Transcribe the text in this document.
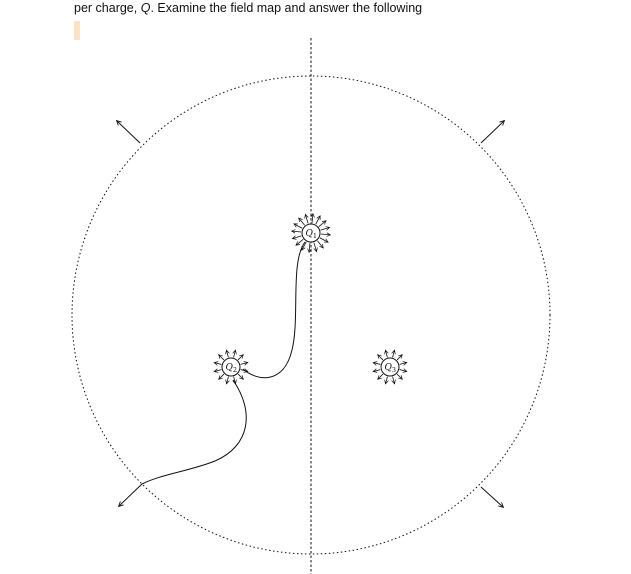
per charge, Q. Examine the field map and answer the following
$Q_1$
$Q_2$	$Q_3$
